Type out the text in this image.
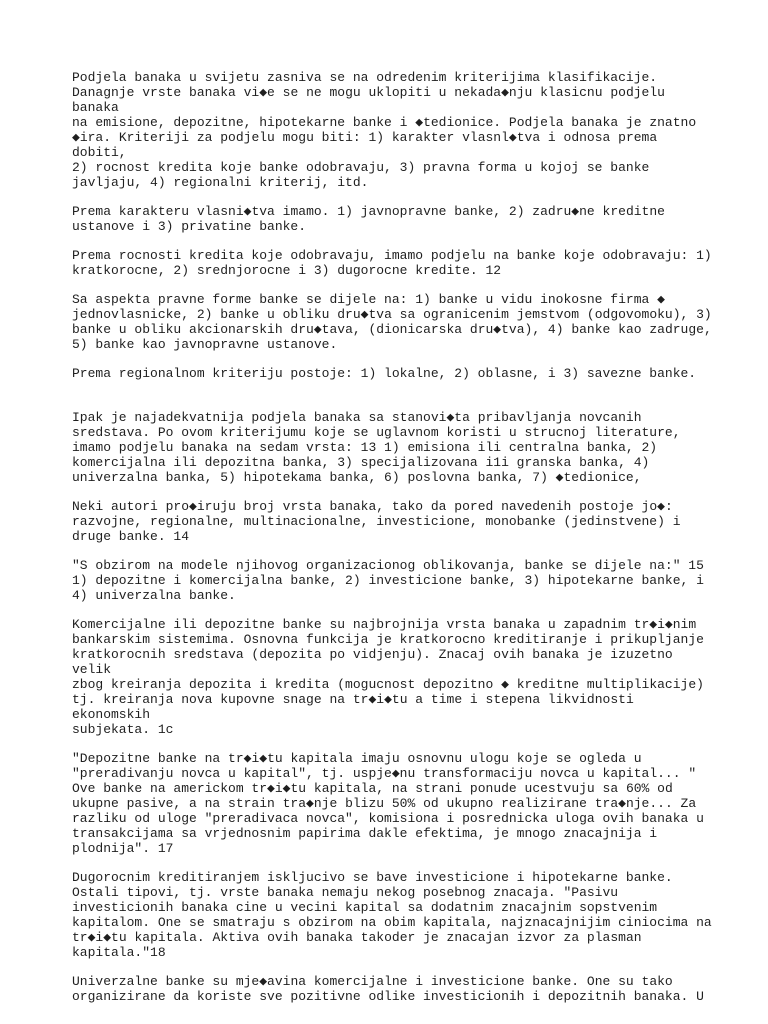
Podjela banaka u svijetu zasniva se na odredenim kriterijima klasifikacije.
Danagnje vrste banaka vi◆e se ne mogu uklopiti u nekada◆nju klasicnu podjelu banaka
na emisione, depozitne, hipotekarne banke i ◆tedionice. Podjela banaka je znatno
◆ira. Kriteriji za podjelu mogu biti: 1) karakter vlasnl◆tva i odnosa prema dobiti,
2) rocnost kredita koje banke odobravaju, 3) pravna forma u kojoj se banke
javljaju, 4) regionalni kriterij, itd.

Prema karakteru vlasni◆tva imamo. 1) javnopravne banke, 2) zadru◆ne kreditne
ustanove i 3) privatine banke.

Prema rocnosti kredita koje odobravaju, imamo podjelu na banke koje odobravaju: 1)
kratkorocne, 2) srednjorocne i 3) dugorocne kredite. 12

Sa aspekta pravne forme banke se dijele na: 1) banke u vidu inokosne firma ◆
jednovlasnicke, 2) banke u obliku dru◆tva sa ogranicenim jemstvom (odgovomoku), 3)
banke u obliku akcionarskih dru◆tava, (dionicarska dru◆tva), 4) banke kao zadruge,
5) banke kao javnopravne ustanove.

Prema regionalnom kriteriju postoje: 1) lokalne, 2) oblasne, i 3) savezne banke.

Ipak je najadekvatnija podjela banaka sa stanovi◆ta pribavljanja novcanih
sredstava. Po ovom kriterijumu koje se uglavnom koristi u strucnoj literature,
imamo podjelu banaka na sedam vrsta: 13 1) emisiona ili centralna banka, 2)
komercijalna ili depozitna banka, 3) specijalizovana i1i granska banka, 4)
univerzalna banka, 5) hipotekama banka, 6) poslovna banka, 7) ◆tedionice,

Neki autori pro◆iruju broj vrsta banaka, tako da pored navedenih postoje jo◆:
razvojne, regionalne, multinacionalne, investicione, monobanke (jedinstvene) i
druge banke. 14

"S obzirom na modele njihovog organizacionog oblikovanja, banke se dijele na:" 15
1) depozitne i komercijalna banke, 2) investicione banke, 3) hipotekarne banke, i
4) univerzalna banke.

Komercijalne ili depozitne banke su najbrojnija vrsta banaka u zapadnim tr◆i◆nim
bankarskim sistemima. Osnovna funkcija je kratkorocno kreditiranje i prikupljanje
kratkorocnih sredstava (depozita po vidjenju). Znacaj ovih banaka je izuzetno velik
zbog kreiranja depozita i kredita (mogucnost depozitno ◆ kreditne multiplikacije)
tj. kreiranja nova kupovne snage na tr◆i◆tu a time i stepena likvidnosti ekonomskih
subjekata. 1c

"Depozitne banke na tr◆i◆tu kapitala imaju osnovnu ulogu koje se ogleda u
"preradivanju novca u kapital", tj. uspje◆nu transformaciju novca u kapital... "
Ove banke na americkom tr◆i◆tu kapitala, na strani ponude ucestvuju sa 60% od
ukupne pasive, a na strain tra◆nje blizu 50% od ukupno realizirane tra◆nje... Za
razliku od uloge "preradivaca novca", komisiona i posrednicka uloga ovih banaka u
transakcijama sa vrjednosnim papirima dakle efektima, je mnogo znacajnija i
plodnija". 17

Dugorocnim kreditiranjem iskljucivo se bave investicione i hipotekarne banke.
Ostali tipovi, tj. vrste banaka nemaju nekog posebnog znacaja. "Pasivu
investicionih banaka cine u vecini kapital sa dodatnim znacajnim sopstvenim
kapitalom. One se smatraju s obzirom na obim kapitala, najznacajnijim ciniocima na
tr◆i◆tu kapitala. Aktiva ovih banaka takoder je znacajan izvor za plasman
kapitala."18

Univerzalne banke su mje◆avina komercijalne i investicione banke. One su tako
organizirane da koriste sve pozitivne odlike investicionih i depozitnih banaka. U
